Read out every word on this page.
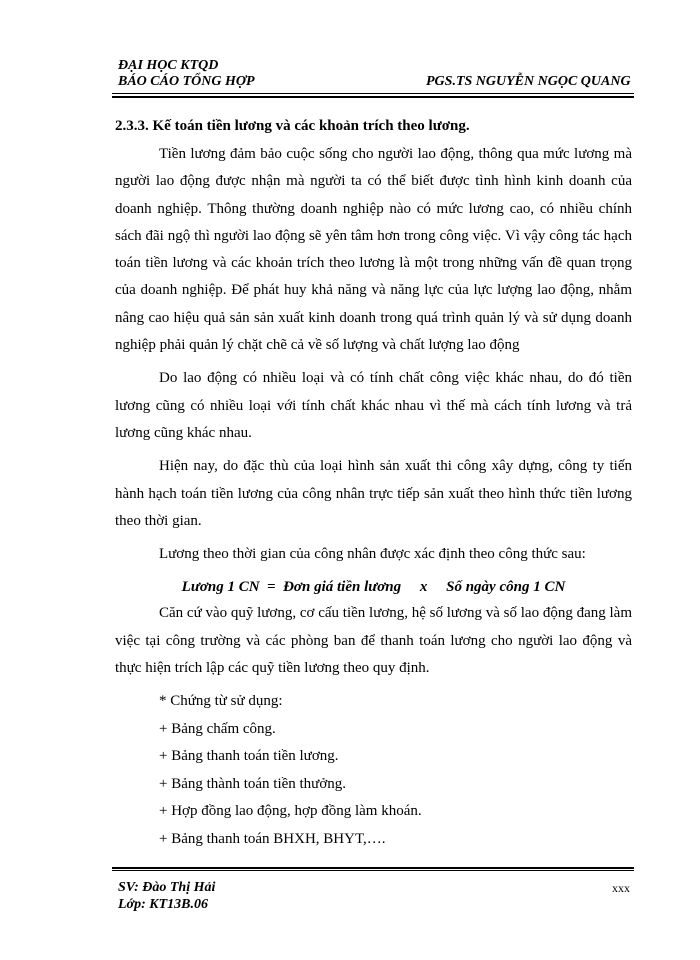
ĐẠI HỌC KTQD
BÁO CÁO TỔNG HỢP	PGS.TS NGUYỄN NGỌC QUANG

2.3.3. Kế toán tiền lương và các khoản trích theo lương.

Tiền lương đảm bảo cuộc sống cho người lao động, thông qua mức lương mà người lao động được nhận mà người ta có thể biết được tình hình kinh doanh của doanh nghiệp. Thông thường doanh nghiệp nào có mức lương cao, có nhiều chính sách đãi ngộ thì người lao động sẽ yên tâm hơn trong công việc. Vì vậy công tác hạch toán tiền lương và các khoản trích theo lương là một trong những vấn đề quan trọng của doanh nghiệp. Để phát huy khả năng và năng lực của lực lượng lao động, nhằm nâng cao hiệu quả sản sản xuất kinh doanh trong quá trình quản lý và sử dụng doanh nghiệp phải quản lý chặt chẽ cả về số lượng và chất lượng lao động

Do lao động có nhiều loại và có tính chất công việc khác nhau, do đó tiền lương cũng có nhiều loại với tính chất khác nhau vì thế mà cách tính lương và trả lương cũng khác nhau.

Hiện nay, do đặc thù của loại hình sản xuất thi công xây dựng, công ty tiến hành hạch toán tiền lương của công nhân trực tiếp sản xuất theo hình thức tiền lương theo thời gian.

Lương theo thời gian của công nhân được xác định theo công thức sau:

Lương 1 CN  =  Đơn giá tiền lương     x     Số ngày công 1 CN

Căn cứ vào quỹ lương, cơ cấu tiền lương, hệ số lương và số lao động đang làm việc tại công trường và các phòng ban để thanh toán lương cho người lao động và thực hiện trích lập các quỹ tiền lương theo quy định.

* Chứng từ sử dụng:

+ Bảng chấm công.

+ Bảng thanh toán tiền lương.

+ Bảng thành toán tiền thưởng.

+ Hợp đồng lao động, hợp đồng làm khoán.

+ Bảng thanh toán BHXH, BHYT,….

SV: Đào Thị Hải
Lớp: KT13B.06
xxx
